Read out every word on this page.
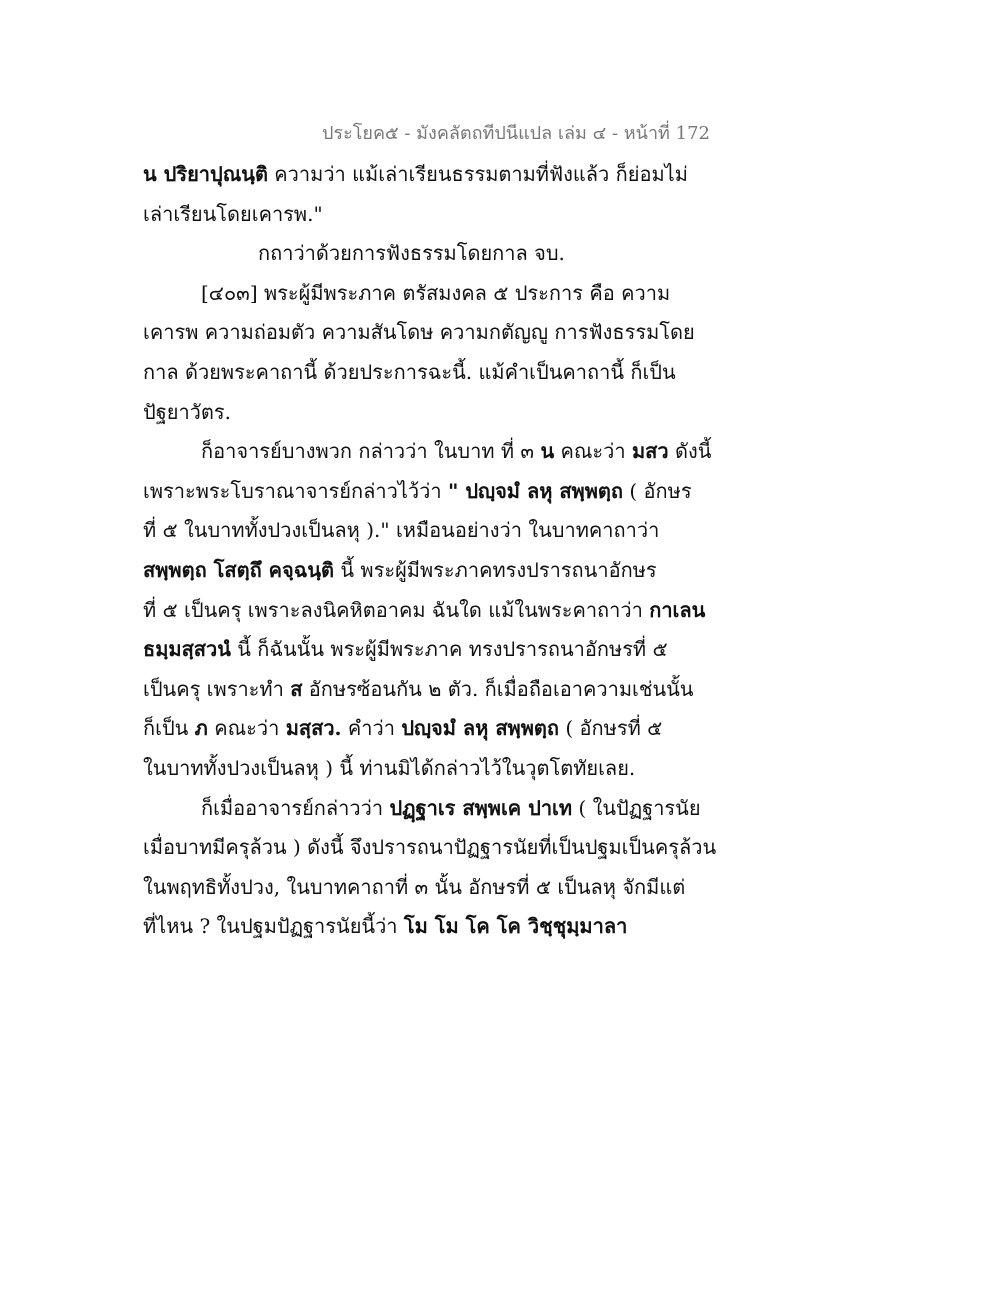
ประโยค๕ - มังคลัตถทีปนีแปล เล่ม ๔ - หน้าที่ 172
น ปริยาปุณนฺติ ความว่า แม้เล่าเรียนธรรมตามที่ฟังแล้ว ก็ย่อมไม่
เล่าเรียนโดยเคารพ."
กถาว่าด้วยการฟังธรรมโดยกาล จบ.
[๔๐๓] พระผู้มีพระภาค ตรัสมงคล ๕ ประการ คือ ความ
เคารพ ความถ่อมตัว ความสันโดษ ความกตัญญู การฟังธรรมโดย
กาล ด้วยพระคาถานี้ ด้วยประการฉะนี้. แม้คำเป็นคาถานี้ ก็เป็น
ปัฐยาวัตร.
ก็อาจารย์บางพวก กล่าวว่า ในบาท ที่ ๓ น คณะว่า มสว ดังนี้
เพราะพระโบราณาจารย์กล่าวไว้ว่า " ปญฺจมํ ลหุ สพฺพตฺถ ( อักษร
ที่ ๕ ในบาททั้งปวงเป็นลหุ )." เหมือนอย่างว่า ในบาทคาถาว่า
สพฺพตฺถ โสตฺถึ คจฺฉนฺติ นี้ พระผู้มีพระภาคทรงปรารถนาอักษร
ที่ ๕ เป็นครุ เพราะลงนิคหิตอาคม ฉันใด แม้ในพระคาถาว่า กาเลน
ธมฺมสฺสวนํ นี้ ก็ฉันนั้น พระผู้มีพระภาค ทรงปรารถนาอักษรที่ ๕
เป็นครุ เพราะทำ ส อักษรซ้อนกัน ๒ ตัว. ก็เมื่อถือเอาความเช่นนั้น
ก็เป็น ภ คณะว่า มสฺสว. คำว่า ปญฺจมํ ลหุ สพฺพตฺถ ( อักษรที่ ๕
ในบาททั้งปวงเป็นลหุ ) นี้ ท่านมิได้กล่าวไว้ในวุตโตทัยเลย.
ก็เมื่ออาจารย์กล่าวว่า ปฏฺฐาเร สพฺพเค ปาเท ( ในปัฏฐารนัย
เมื่อบาทมีครุล้วน ) ดังนี้ จึงปรารถนาปัฏฐารนัยที่เป็นปฐมเป็นครุล้วน
ในพฤทธิทั้งปวง, ในบาทคาถาที่ ๓ นั้น อักษรที่ ๕ เป็นลหุ จักมีแต่
ที่ไหน ? ในปฐมปัฏฐารนัยนี้ว่า โม โม โค โค วิชฺชุมฺมาลา
